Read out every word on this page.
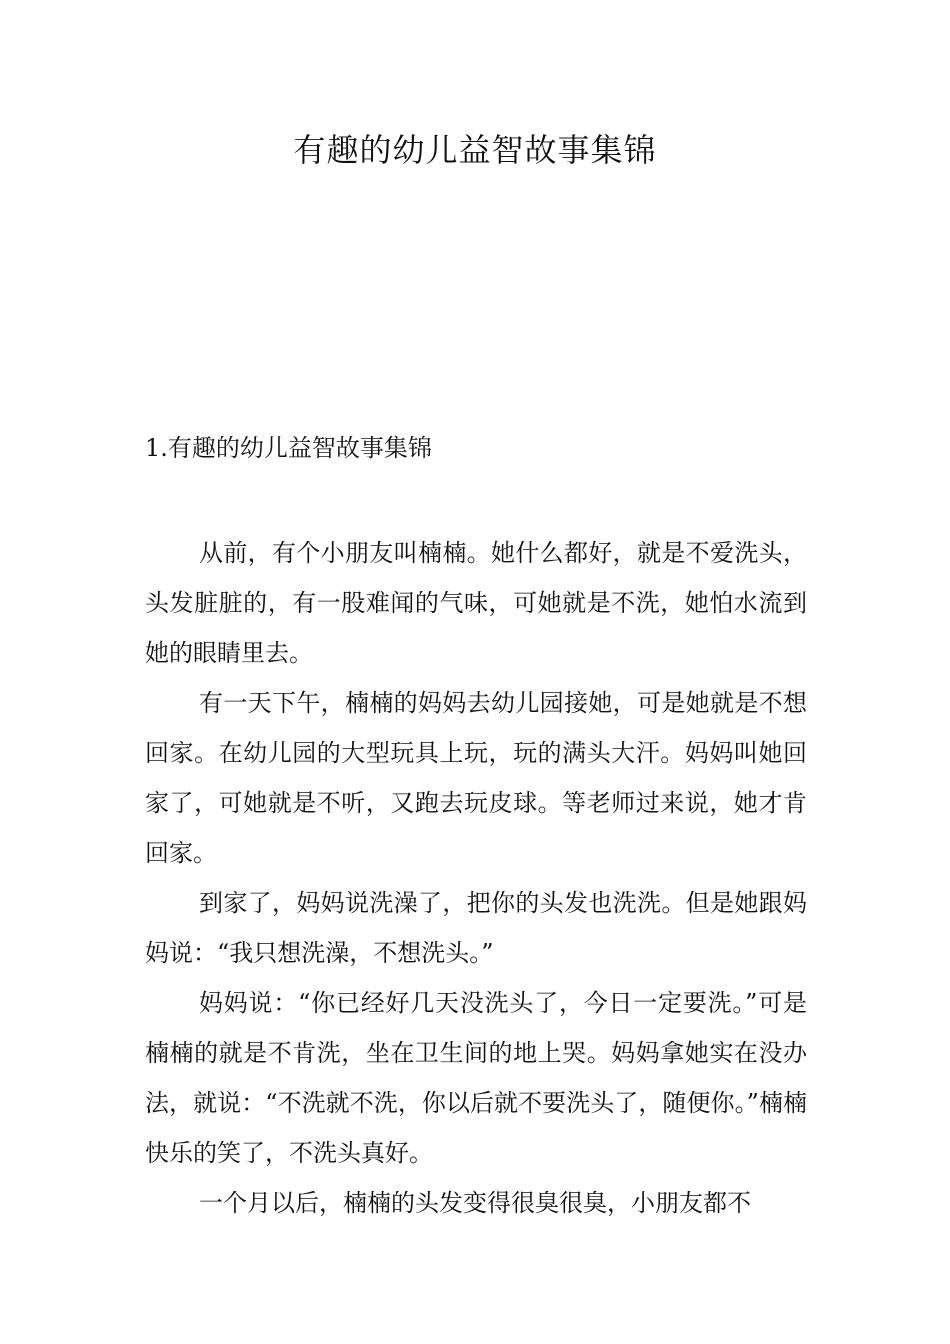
有趣的幼儿益智故事集锦
1.有趣的幼儿益智故事集锦

从前，有个小朋友叫楠楠。她什么都好，就是不爱洗头，头发脏脏的，有一股难闻的气味，可她就是不洗，她怕水流到她的眼睛里去。

有一天下午，楠楠的妈妈去幼儿园接她，可是她就是不想回家。在幼儿园的大型玩具上玩，玩的满头大汗。妈妈叫她回家了，可她就是不听，又跑去玩皮球。等老师过来说，她才肯回家。

到家了，妈妈说洗澡了，把你的头发也洗洗。但是她跟妈妈说：“我只想洗澡，不想洗头。”

妈妈说：“你已经好几天没洗头了，今日一定要洗。”可是楠楠的就是不肯洗，坐在卫生间的地上哭。妈妈拿她实在没办法，就说：“不洗就不洗，你以后就不要洗头了，随便你。”楠楠快乐的笑了，不洗头真好。

一个月以后，楠楠的头发变得很臭很臭，小朋友都不
